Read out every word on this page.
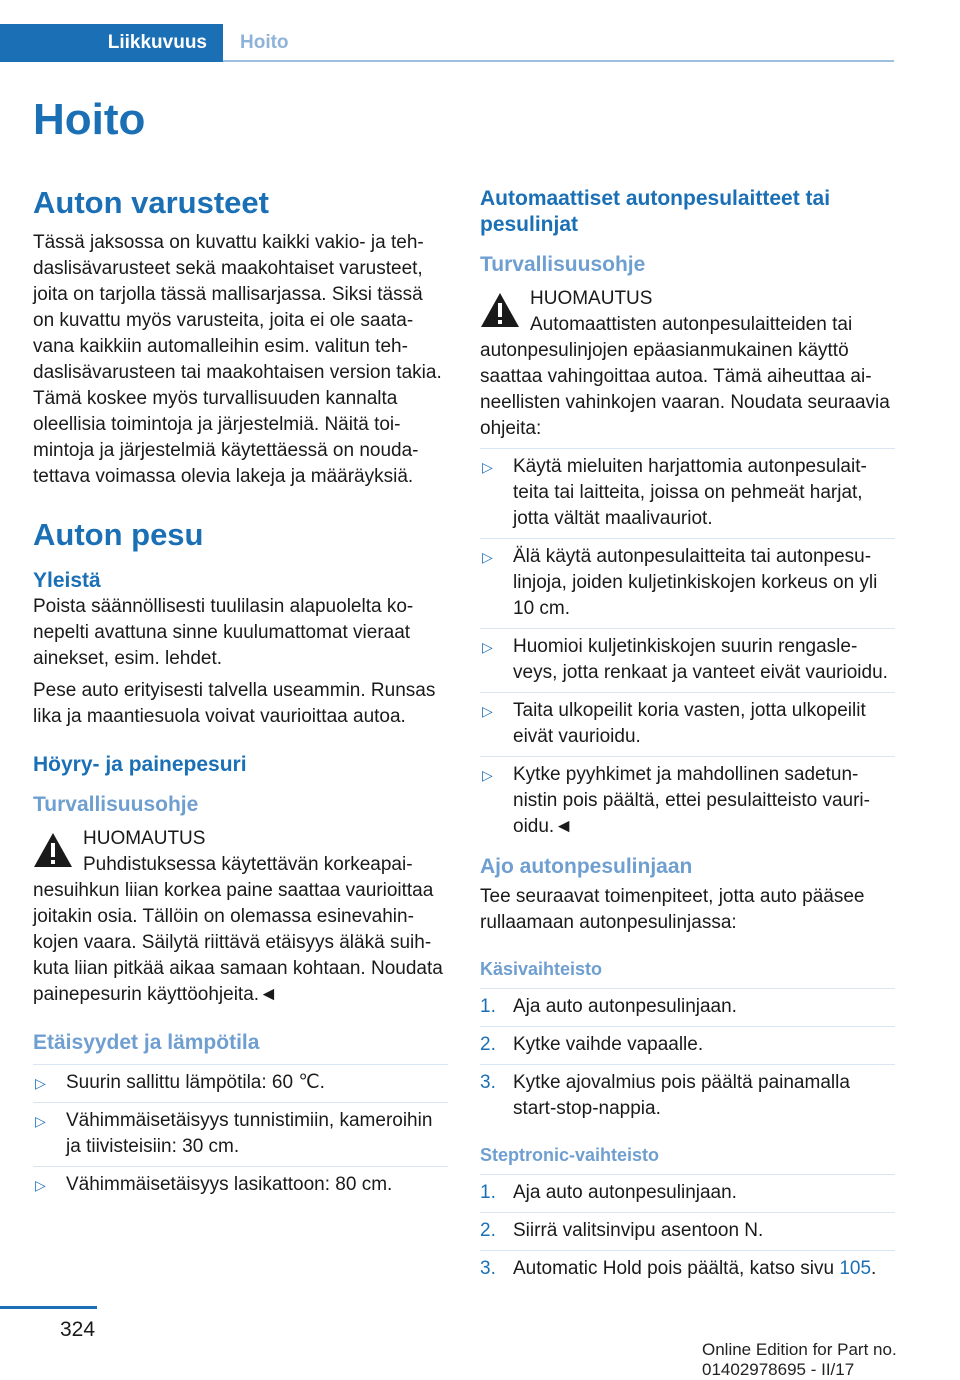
Liikkuvuus	Hoito
Hoito
Auton varusteet

Tässä jaksossa on kuvattu kaikki vakio- ja tehdaslisävarusteet sekä maakohtaiset varusteet, joita on tarjolla tässä mallisarjassa. Siksi tässä on kuvattu myös varusteita, joita ei ole saatavana kaikkiin automalleihin esim. valitun tehdaslisävarusteen tai maakohtaisen version takia. Tämä koskee myös turvallisuuden kannalta oleellisia toimintoja ja järjestelmiä. Näitä toimintoja ja järjestelmiä käytettäessä on noudatettava voimassa olevia lakeja ja määräyksiä.

Auton pesu
Yleistä

Poista säännöllisesti tuulilasin alapuolelta konepelti avattuna sinne kuulumattomat vieraat ainekset, esim. lehdet.

Pese auto erityisesti talvella useammin. Runsas lika ja maantiesuola voivat vaurioittaa autoa.

Höyry- ja painepesuri
Turvallisuusohje
HUOMAUTUS

Puhdistuksessa käytettävän korkeapainesuihkun liian korkea paine saattaa vaurioittaa joitakin osia. Tällöin on olemassa esinevahinkojen vaara. Säilytä riittävä etäisyys äläkä suihkuta liian pitkää aikaa samaan kohtaan. Noudata painepesurin käyttöohjeita.◄

Etäisyydet ja lämpötila
▷ Suurin sallittu lämpötila: 60 ℃.
▷ Vähimmäisetäisyys tunnistimiin, kameroihin ja tiivisteisiin: 30 cm.
▷ Vähimmäisetäisyys lasikattoon: 80 cm.
Automaattiset autonpesulaitteet tai pesulinjat
Turvallisuusohje
HUOMAUTUS

Automaattisten autonpesulaitteiden tai autonpesulinjojen epäasianmukainen käyttö saattaa vahingoittaa autoa. Tämä aiheuttaa aineellisten vahinkojen vaaran. Noudata seuraavia ohjeita:

▷ Käytä mieluiten harjattomia autonpesulaitteita tai laitteita, joissa on pehmeät harjat, jotta vältät maalivauriot.
▷ Älä käytä autonpesulaitteita tai autonpesulinjoja, joiden kuljetinkiskojen korkeus on yli 10 cm.
▷ Huomioi kuljetinkiskojen suurin rengasleveys, jotta renkaat ja vanteet eivät vaurioidu.
▷ Taita ulkopeilit koria vasten, jotta ulkopeilit eivät vaurioidu.
▷ Kytke pyyhkimet ja mahdollinen sadetunnistin pois päältä, ettei pesulaitteisto vaurioidu.◄
Ajo autonpesulinjaan

Tee seuraavat toimenpiteet, jotta auto pääsee rullaamaan autonpesulinjassa:

Käsivaihteisto
1. Aja auto autonpesulinjaan.
2. Kytke vaihde vapaalle.
3. Kytke ajovalmius pois päältä painamalla start-stop-nappia.
Steptronic-vaihteisto
1. Aja auto autonpesulinjaan.
2. Siirrä valitsinvipu asentoon N.
3. Automatic Hold pois päältä, katso sivu 105.
324
Online Edition for Part no. 01402978695 - II/17
